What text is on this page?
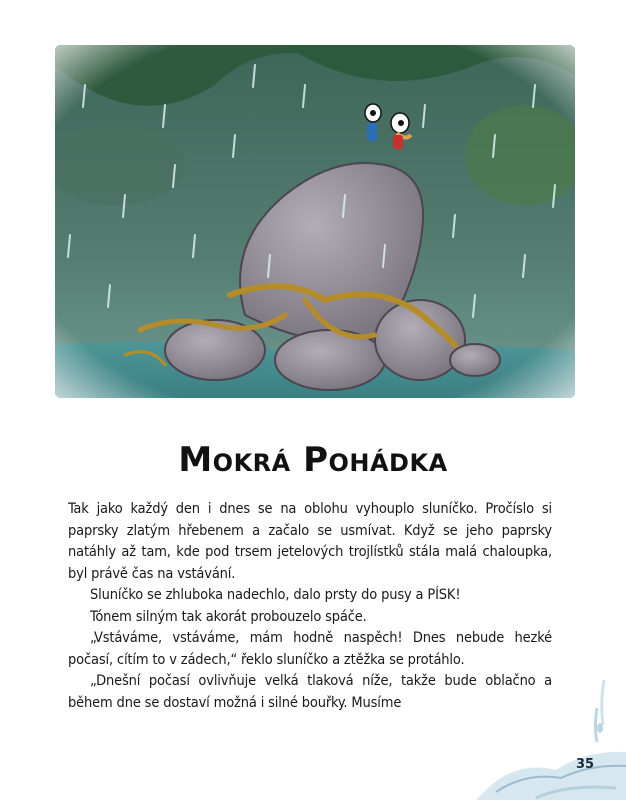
Mokrá Pohádka

Tak jako každý den i dnes se na oblohu vyhouplo sluníčko. Pročíslo si paprsky zlatým hřebenem a začalo se usmívat. Když se jeho paprsky natáhly až tam, kde pod trsem jetelových trojlístků stála malá chaloupka, byl právě čas na vstávání.

Sluníčko se zhluboka nadechlo, dalo prsty do pusy a PÍSK!

Tónem silným tak akorát probouzelo spáče.

„Vstáváme, vstáváme, mám hodně naspěch! Dnes nebude hezké počasí, cítím to v zádech,“ řeklo sluníčko a ztěžka se protáhlo.

„Dnešní počasí ovlivňuje velká tlaková níže, takže bude oblačno a během dne se dostaví možná i silné bouřky. Musíme

35
